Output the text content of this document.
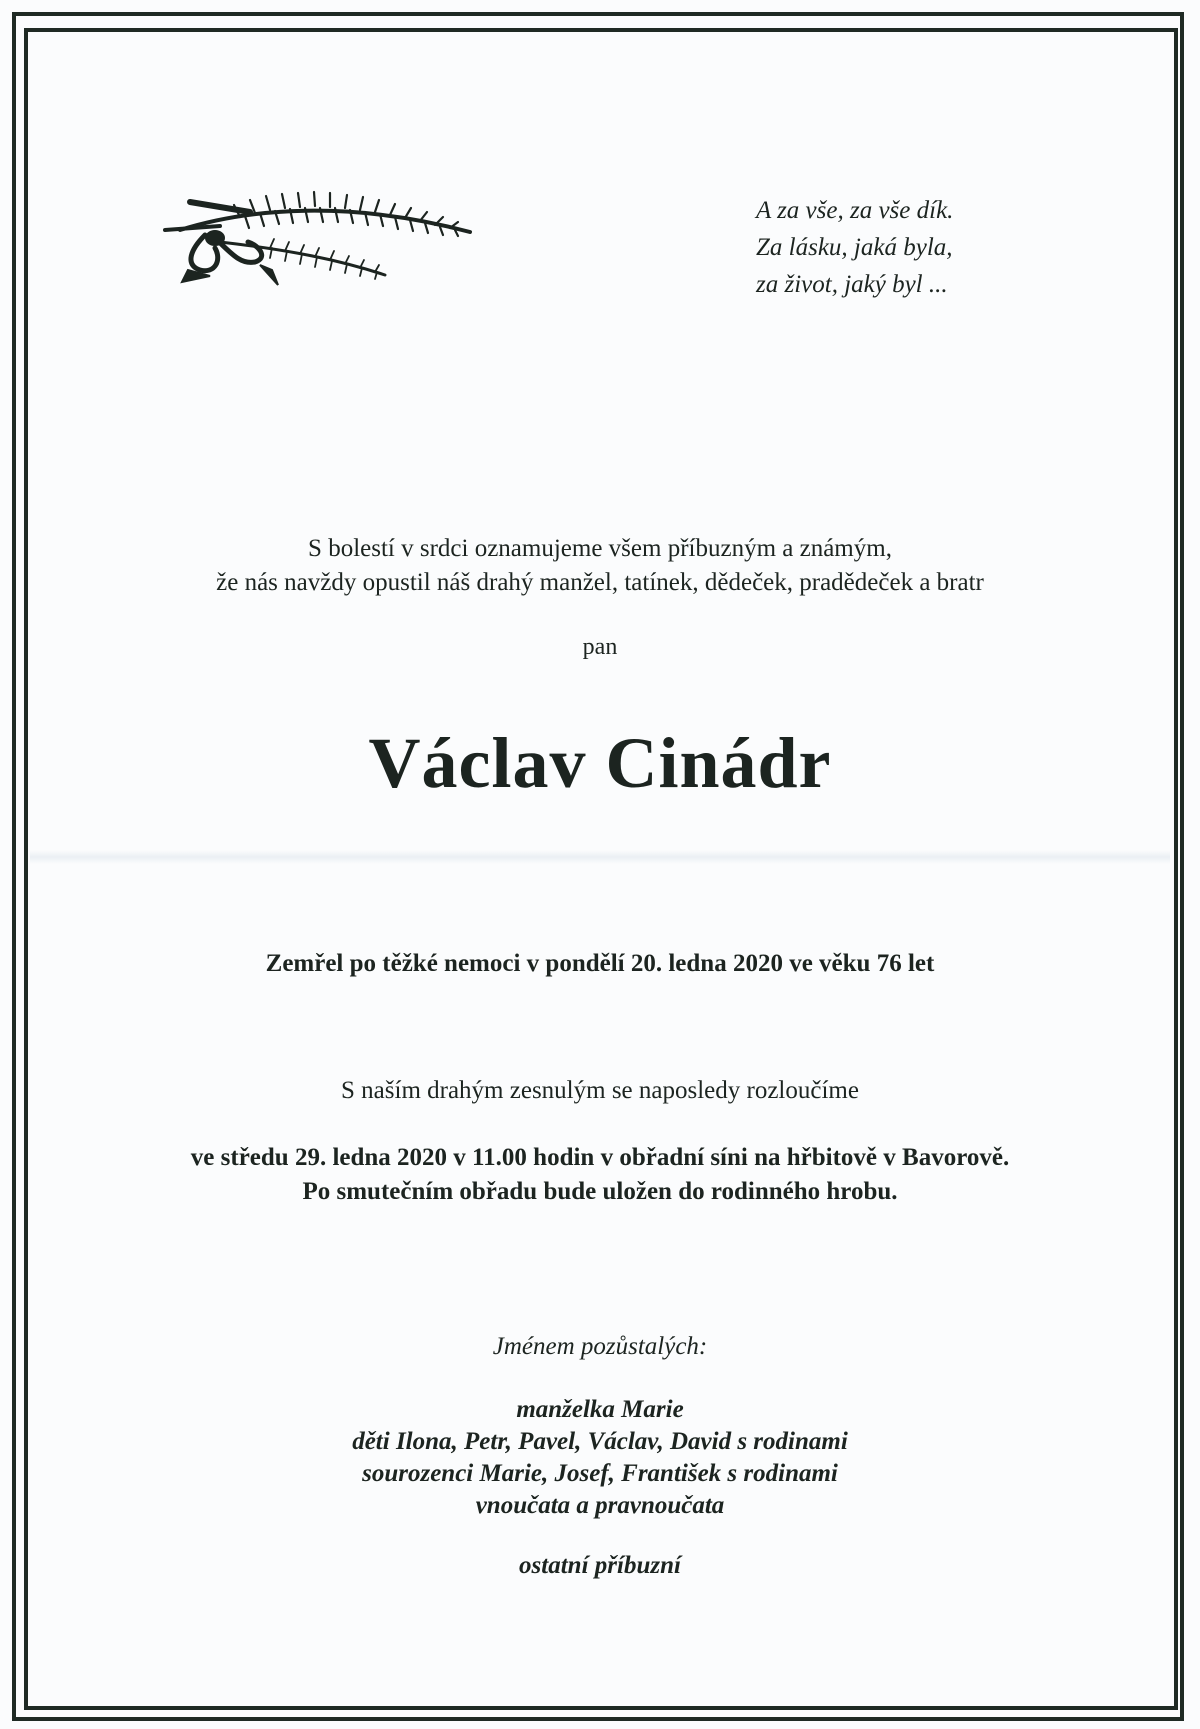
A za vše, za vše dík.
Za lásku, jaká byla,
za život, jaký byl ...
S bolestí v srdci oznamujeme všem příbuzným a známým,
že nás navždy opustil náš drahý manžel, tatínek, dědeček, pradědeček a bratr
pan
Václav Cinádr
Zemřel po těžké nemoci v pondělí 20. ledna 2020 ve věku 76 let
S naším drahým zesnulým se naposledy rozloučíme
ve středu 29. ledna 2020 v 11.00 hodin v obřadní síni na hřbitově v Bavorově.
Po smutečním obřadu bude uložen do rodinného hrobu.
Jménem pozůstalých:
manželka Marie
děti Ilona, Petr, Pavel, Václav, David s rodinami
sourozenci Marie, Josef, František s rodinami
vnoučata a pravnoučata
ostatní příbuzní
